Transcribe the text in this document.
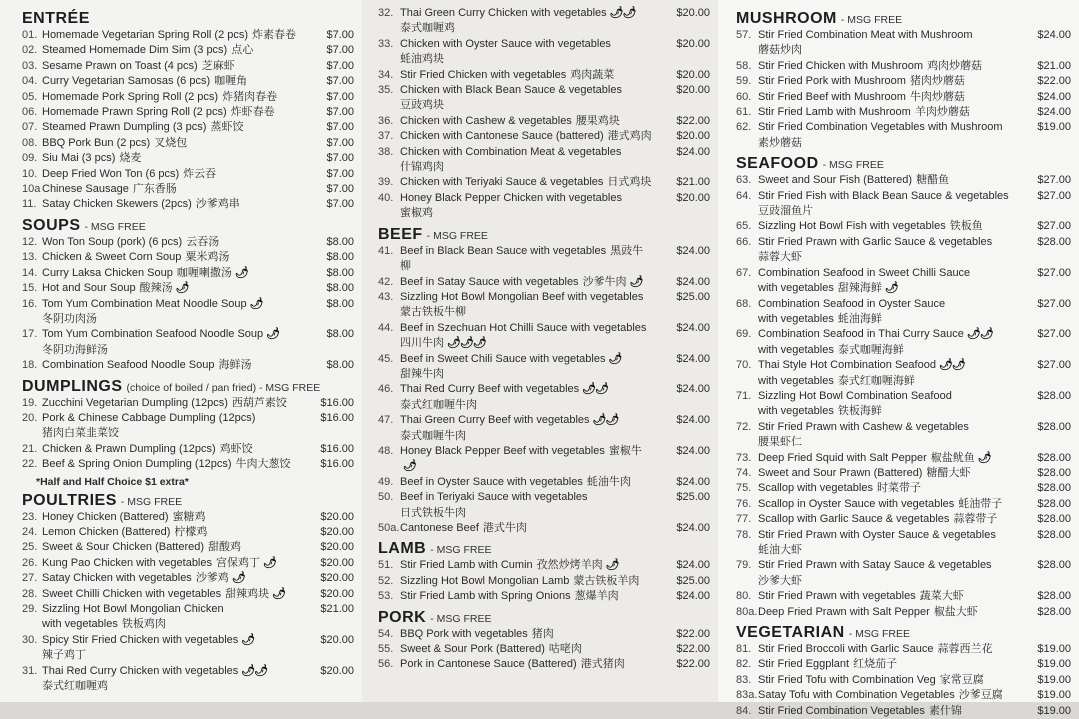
ENTRÉE
01. Homemade Vegetarian Spring Roll (2 pcs) 炸素春卷	$7.00
02. Steamed Homemade Dim Sim (3 pcs) 点心	$7.00
03. Sesame Prawn on Toast (4 pcs) 芝麻虾	$7.00
04. Curry Vegetarian Samosas (6 pcs) 咖喱角	$7.00
05. Homemade Pork Spring Roll (2 pcs) 炸猪肉春卷	$7.00
06. Homemade Prawn Spring Roll (2 pcs) 炸虾春卷	$7.00
07. Steamed Prawn Dumpling (3 pcs) 蒸虾饺	$7.00
08. BBQ Pork Bun (2 pcs) 叉烧包	$7.00
09. Siu Mai (3 pcs) 烧麦	$7.00
10. Deep Fried Won Ton (6 pcs) 炸云吞	$7.00
10a Chinese Sausage 广东香肠	$7.00
11. Satay Chicken Skewers (2pcs) 沙爹鸡串	$7.00
SOUPS - MSG FREE
12. Won Ton Soup (pork) (6 pcs) 云吞汤	$8.00
13. Chicken & Sweet Corn Soup 粟米鸡汤	$8.00
14. Curry Laksa Chicken Soup 咖喱喇撒汤 🌶	$8.00
15. Hot and Sour Soup 酸辣汤 🌶	$8.00
16. Tom Yum Combination Meat Noodle Soup 🌶
冬阴功肉汤
$8.00
17. Tom Yum Combination Seafood Noodle Soup 🌶
冬阴功海鲜汤
$8.00
18. Combination Seafood Noodle Soup 海鲜汤	$8.00
DUMPLINGS (choice of boiled / pan fried) - MSG FREE
19. Zucchini Vegetarian Dumpling (12pcs) 西葫芦素饺	$16.00
20. Pork & Chinese Cabbage Dumpling (12pcs)
猪肉白菜韭菜饺
$16.00
21. Chicken & Prawn Dumpling (12pcs) 鸡虾饺	$16.00
22. Beef & Spring Onion Dumpling (12pcs) 牛肉大葱饺	$16.00
*Half and Half Choice $1 extra*
POULTRIES - MSG FREE
23. Honey Chicken (Battered) 蜜糖鸡	$20.00
24. Lemon Chicken (Battered) 柠檬鸡	$20.00
25. Sweet & Sour Chicken (Battered) 甜酸鸡	$20.00
26. Kung Pao Chicken with vegetables 宫保鸡丁 🌶	$20.00
27. Satay Chicken with vegetables 沙爹鸡 🌶	$20.00
28. Sweet Chilli Chicken with vegetables 甜辣鸡块 🌶	$20.00
29. Sizzling Hot Bowl Mongolian Chicken
with vegetables 铁板鸡肉
$21.00
30. Spicy Stir Fried Chicken with vegetables 🌶
辣子鸡丁
$20.00
31. Thai Red Curry Chicken with vegetables 🌶🌶
泰式红咖喱鸡
$20.00
32. Thai Green Curry Chicken with vegetables 🌶🌶
泰式咖喱鸡
$20.00
33. Chicken with Oyster Sauce with vegetables
蚝油鸡块
$20.00
34. Stir Fried Chicken with vegetables 鸡肉蔬菜	$20.00
35. Chicken with Black Bean Sauce & vegetables
豆豉鸡块
$20.00
36. Chicken with Cashew & vegetables 腰果鸡块	$22.00
37. Chicken with Cantonese Sauce (battered) 港式鸡肉	$20.00
38. Chicken with Combination Meat & vegetables
什锦鸡肉
$24.00
39. Chicken with Teriyaki Sauce & vegetables 日式鸡块	$21.00
40. Honey Black Pepper Chicken with vegetables
蜜椒鸡
$20.00
BEEF - MSG FREE
41. Beef in Black Bean Sauce with vegetables 黑豉牛柳
$24.00
42. Beef in Satay Sauce with vegetables 沙爹牛肉 🌶	$24.00
43. Sizzling Hot Bowl Mongolian Beef with vegetables
蒙古铁板牛柳
$25.00
44. Beef in Szechuan Hot Chilli Sauce with vegetables
四川牛肉 🌶🌶🌶
$24.00
45. Beef in Sweet Chili Sauce with vegetables 🌶
甜辣牛肉
$24.00
46. Thai Red Curry Beef with vegetables 🌶🌶
泰式红咖喱牛肉
$24.00
47. Thai Green Curry Beef with vegetables 🌶🌶
泰式咖喱牛肉
$24.00
48. Honey Black Pepper Beef with vegetables 蜜椒牛🌶
$24.00
49. Beef in Oyster Sauce with vegetables 蚝油牛肉	$24.00
50. Beef in Teriyaki Sauce with vegetables
日式铁板牛肉
$25.00
50a. Cantonese Beef 港式牛肉	$24.00
LAMB - MSG FREE
51. Stir Fried Lamb with Cumin 孜然炒烤羊肉 🌶	$24.00
52. Sizzling Hot Bowl Mongolian Lamb 蒙古铁板羊肉	$25.00
53. Stir Fried Lamb with Spring Onions 葱爆羊肉	$24.00
PORK - MSG FREE
54. BBQ Pork with vegetables 猪肉	$22.00
55. Sweet & Sour Pork (Battered) 咕咾肉	$22.00
56. Pork in Cantonese Sauce (Battered) 港式猪肉	$22.00
MUSHROOM - MSG FREE
57. Stir Fried Combination Meat with Mushroom
蘑菇炒肉
$24.00
58. Stir Fried Chicken with Mushroom 鸡肉炒蘑菇	$21.00
59. Stir Fried Pork with Mushroom 猪肉炒蘑菇	$22.00
60. Stir Fried Beef with Mushroom 牛肉炒蘑菇	$24.00
61. Stir Fried Lamb with Mushroom 羊肉炒蘑菇	$24.00
62. Stir Fried Combination Vegetables with Mushroom
素炒蘑菇
$19.00
SEAFOOD - MSG FREE
63. Sweet and Sour Fish (Battered) 糖醋鱼	$27.00
64. Stir Fried Fish with Black Bean Sauce & vegetables
豆豉溜鱼片
$27.00
65. Sizzling Hot Bowl Fish with vegetables 铁板鱼	$27.00
66. Stir Fried Prawn with Garlic Sauce & vegetables
蒜蓉大虾
$28.00
67. Combination Seafood in Sweet Chilli Sauce
with vegetables 甜辣海鲜 🌶
$27.00
68. Combination Seafood in Oyster Sauce
with vegetables 蚝油海鲜
$27.00
69. Combination Seafood in Thai Curry Sauce 🌶🌶
with vegetables 泰式咖喱海鲜
$27.00
70. Thai Style Hot Combination Seafood 🌶🌶
with vegetables 泰式红咖喱海鲜
$27.00
71. Sizzling Hot Bowl Combination Seafood
with vegetables 铁板海鲜
$28.00
72. Stir Fried Prawn with Cashew & vegetables
腰果虾仁
$28.00
73. Deep Fried Squid with Salt Pepper 椒盐鱿鱼 🌶	$28.00
74. Sweet and Sour Prawn (Battered) 糖醋大虾	$28.00
75. Scallop with vegetables 时菜带子	$28.00
76. Scallop in Oyster Sauce with vegetables 蚝油带子	$28.00
77. Scallop with Garlic Sauce & vegetables 蒜蓉带子	$28.00
78. Stir Fried Prawn with Oyster Sauce & vegetables
蚝油大虾
$28.00
79. Stir Fried Prawn with Satay Sauce & vegetables
沙爹大虾
$28.00
80. Stir Fried Prawn with vegetables 蔬菜大虾	$28.00
80a. Deep Fried Prawn with Salt Pepper 椒盐大虾	$28.00
VEGETARIAN - MSG FREE
81. Stir Fried Broccoli with Garlic Sauce 蒜蓉西兰花	$19.00
82. Stir Fried Eggplant 红烧茄子	$19.00
83. Stir Fried Tofu with Combination Veg 家常豆腐	$19.00
83a. Satay Tofu with Combination Vegetables 沙爹豆腐	$19.00
84. Stir Fried Combination Vegetables 素什锦	$19.00
